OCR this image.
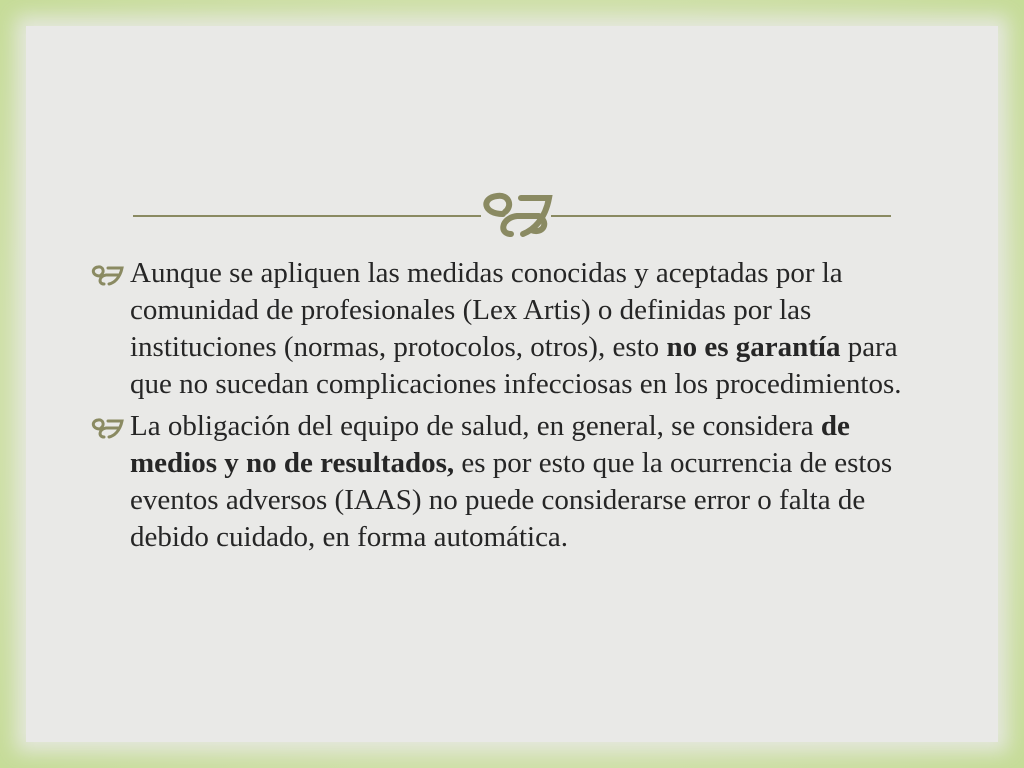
Aunque se apliquen las medidas conocidas y aceptadas por la comunidad de profesionales (Lex Artis) o definidas por las instituciones (normas, protocolos, otros), esto no es garantía para que no sucedan complicaciones infecciosas en los procedimientos.
La obligación del equipo de salud, en general, se considera de medios y no de resultados, es por esto que la ocurrencia de estos eventos adversos (IAAS) no puede considerarse error o falta de debido cuidado, en forma automática.
